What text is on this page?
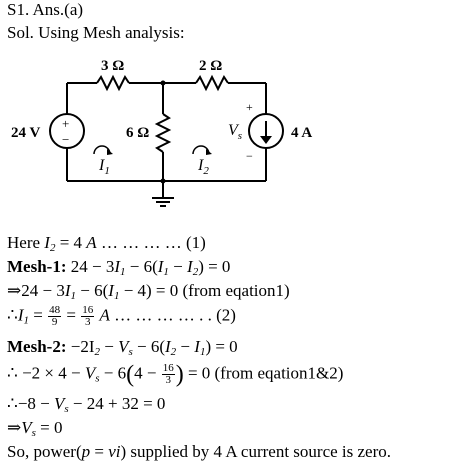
S1. Ans.(a)
Sol. Using Mesh analysis:
+
−
3 Ω	2 Ω
6 Ω
24 V	4 A
+
−
$V_s$
$I_1$	$I_2$
Here $I_2 = 4$ A … … … … (1)
Mesh-1: $24 - 3I_1 - 6(I_1 - I_2) = 0$
⇒24 − $3I_1 - 6(I_1 - 4) = 0$ (from eqation1)
$\therefore I_1 = \frac{48}{9} = \frac{16}{3}$ A … … … … . . (2)
Mesh-2: $-2I_2 - V_s - 6(I_2 - I_1) = 0$
∴ $-2 \times 4 - V_s - 6(4 - \frac{16}{3}$ ) = 0 (from eqation1&2)
∴−8 − $V_s - 24 + 32 = 0$
$\Rightarrow V_s = 0$
So, power(p = vi) supplied by 4 A current source is zero.
